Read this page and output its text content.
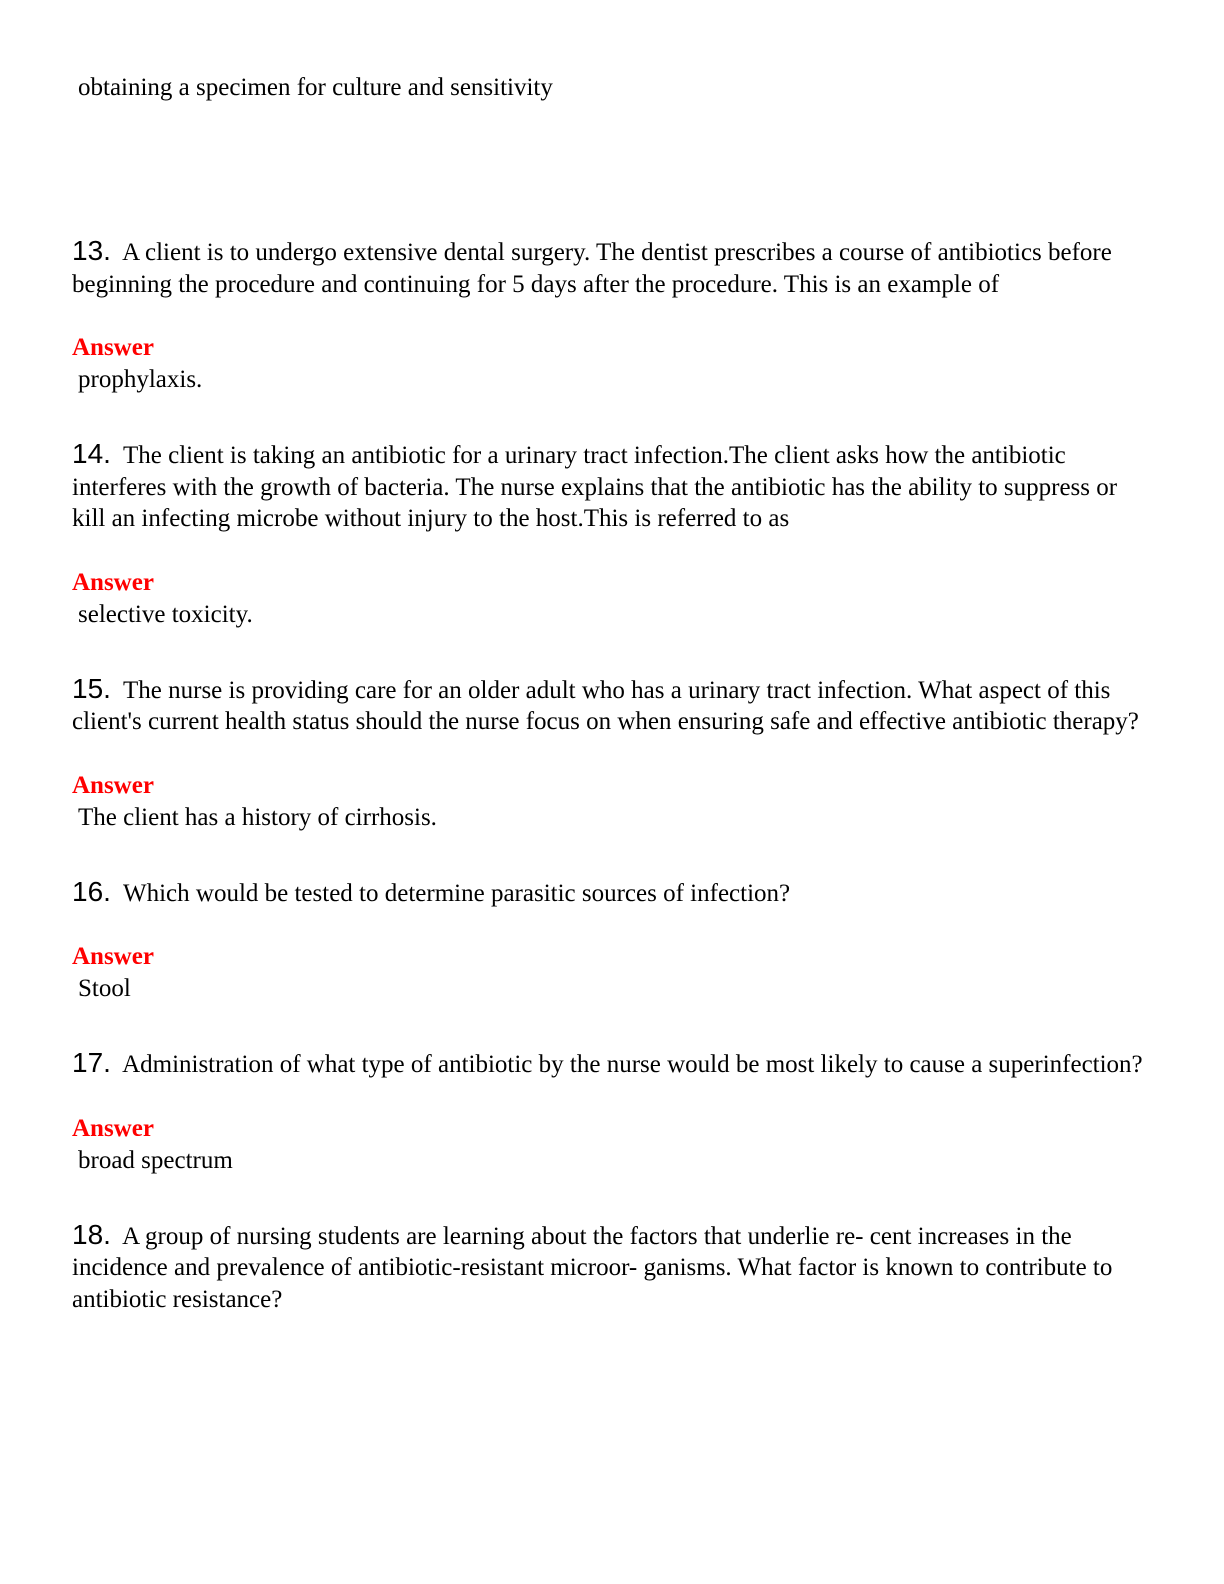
obtaining a specimen for culture and sensitivity

13. A client is to undergo extensive dental surgery. The dentist prescribes a course of antibiotics before beginning the procedure and continuing for 5 days after the procedure. This is an example of

Answer

prophylaxis.

14. The client is taking an antibiotic for a urinary tract infection.The client asks how the antibiotic interferes with the growth of bacteria. The nurse explains that the antibiotic has the ability to suppress or kill an infecting microbe without injury to the host.This is referred to as

Answer

selective toxicity.

15. The nurse is providing care for an older adult who has a urinary tract infection. What aspect of this client's current health status should the nurse focus on when ensuring safe and effective antibiotic therapy?

Answer

The client has a history of cirrhosis.

16. Which would be tested to determine parasitic sources of infection?

Answer

Stool

17. Administration of what type of antibiotic by the nurse would be most likely to cause a superinfection?

Answer

broad spectrum

18. A group of nursing students are learning about the factors that underlie re- cent increases in the incidence and prevalence of antibiotic-resistant microor- ganisms. What factor is known to contribute to antibiotic resistance?
